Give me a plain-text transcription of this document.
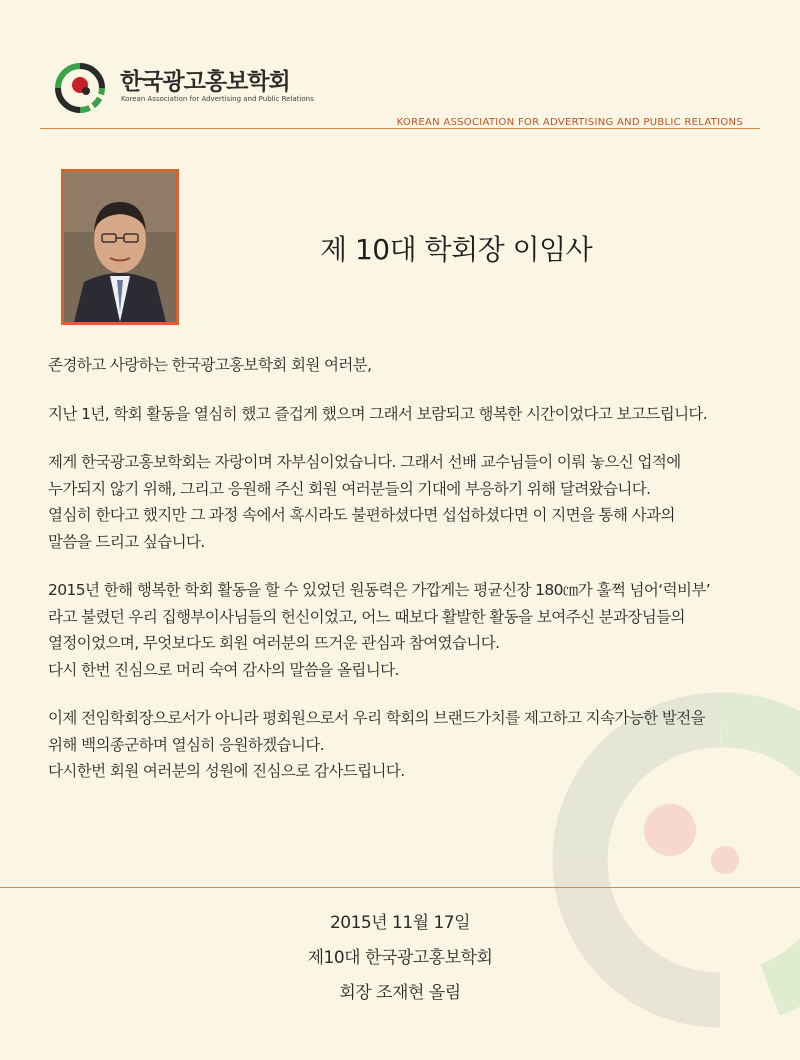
한국광고홍보학회
Korean Association for Advertising and Public Relations
KOREAN ASSOCIATION FOR ADVERTISING AND PUBLIC RELATIONS
제 10대 학회장 이임사

존경하고 사랑하는 한국광고홍보학회 회원 여러분,

지난 1년, 학회 활동을 열심히 했고 즐겁게 했으며 그래서 보람되고 행복한 시간이었다고 보고드립니다.

제게 한국광고홍보학회는 자랑이며 자부심이었습니다. 그래서 선배 교수님들이 이뤄 놓으신 업적에
누가되지 않기 위해, 그리고 응원해 주신 회원 여러분들의 기대에 부응하기 위해 달려왔습니다.
열심히 한다고 했지만 그 과정 속에서 혹시라도 불편하셨다면 섭섭하셨다면 이 지면을 통해 사과의
말씀을 드리고 싶습니다.

2015년 한해 행복한 학회 활동을 할 수 있었던 원동력은 가깝게는 평균신장 180㎝가 훌쩍 넘어‘럭비부’
라고 불렸던 우리 집행부이사님들의 헌신이었고, 어느 때보다 활발한 활동을 보여주신 분과장님들의
열정이었으며, 무엇보다도 회원 여러분의 뜨거운 관심과 참여였습니다.
다시 한번 진심으로 머리 숙여 감사의 말씀을 올립니다.

이제 전임학회장으로서가 아니라 평회원으로서 우리 학회의 브랜드가치를 제고하고 지속가능한 발전을
위해 백의종군하며 열심히 응원하겠습니다.
다시한번 회원 여러분의 성원에 진심으로 감사드립니다.

2015년 11월 17일
제10대 한국광고홍보학회
회장 조재현 올림
